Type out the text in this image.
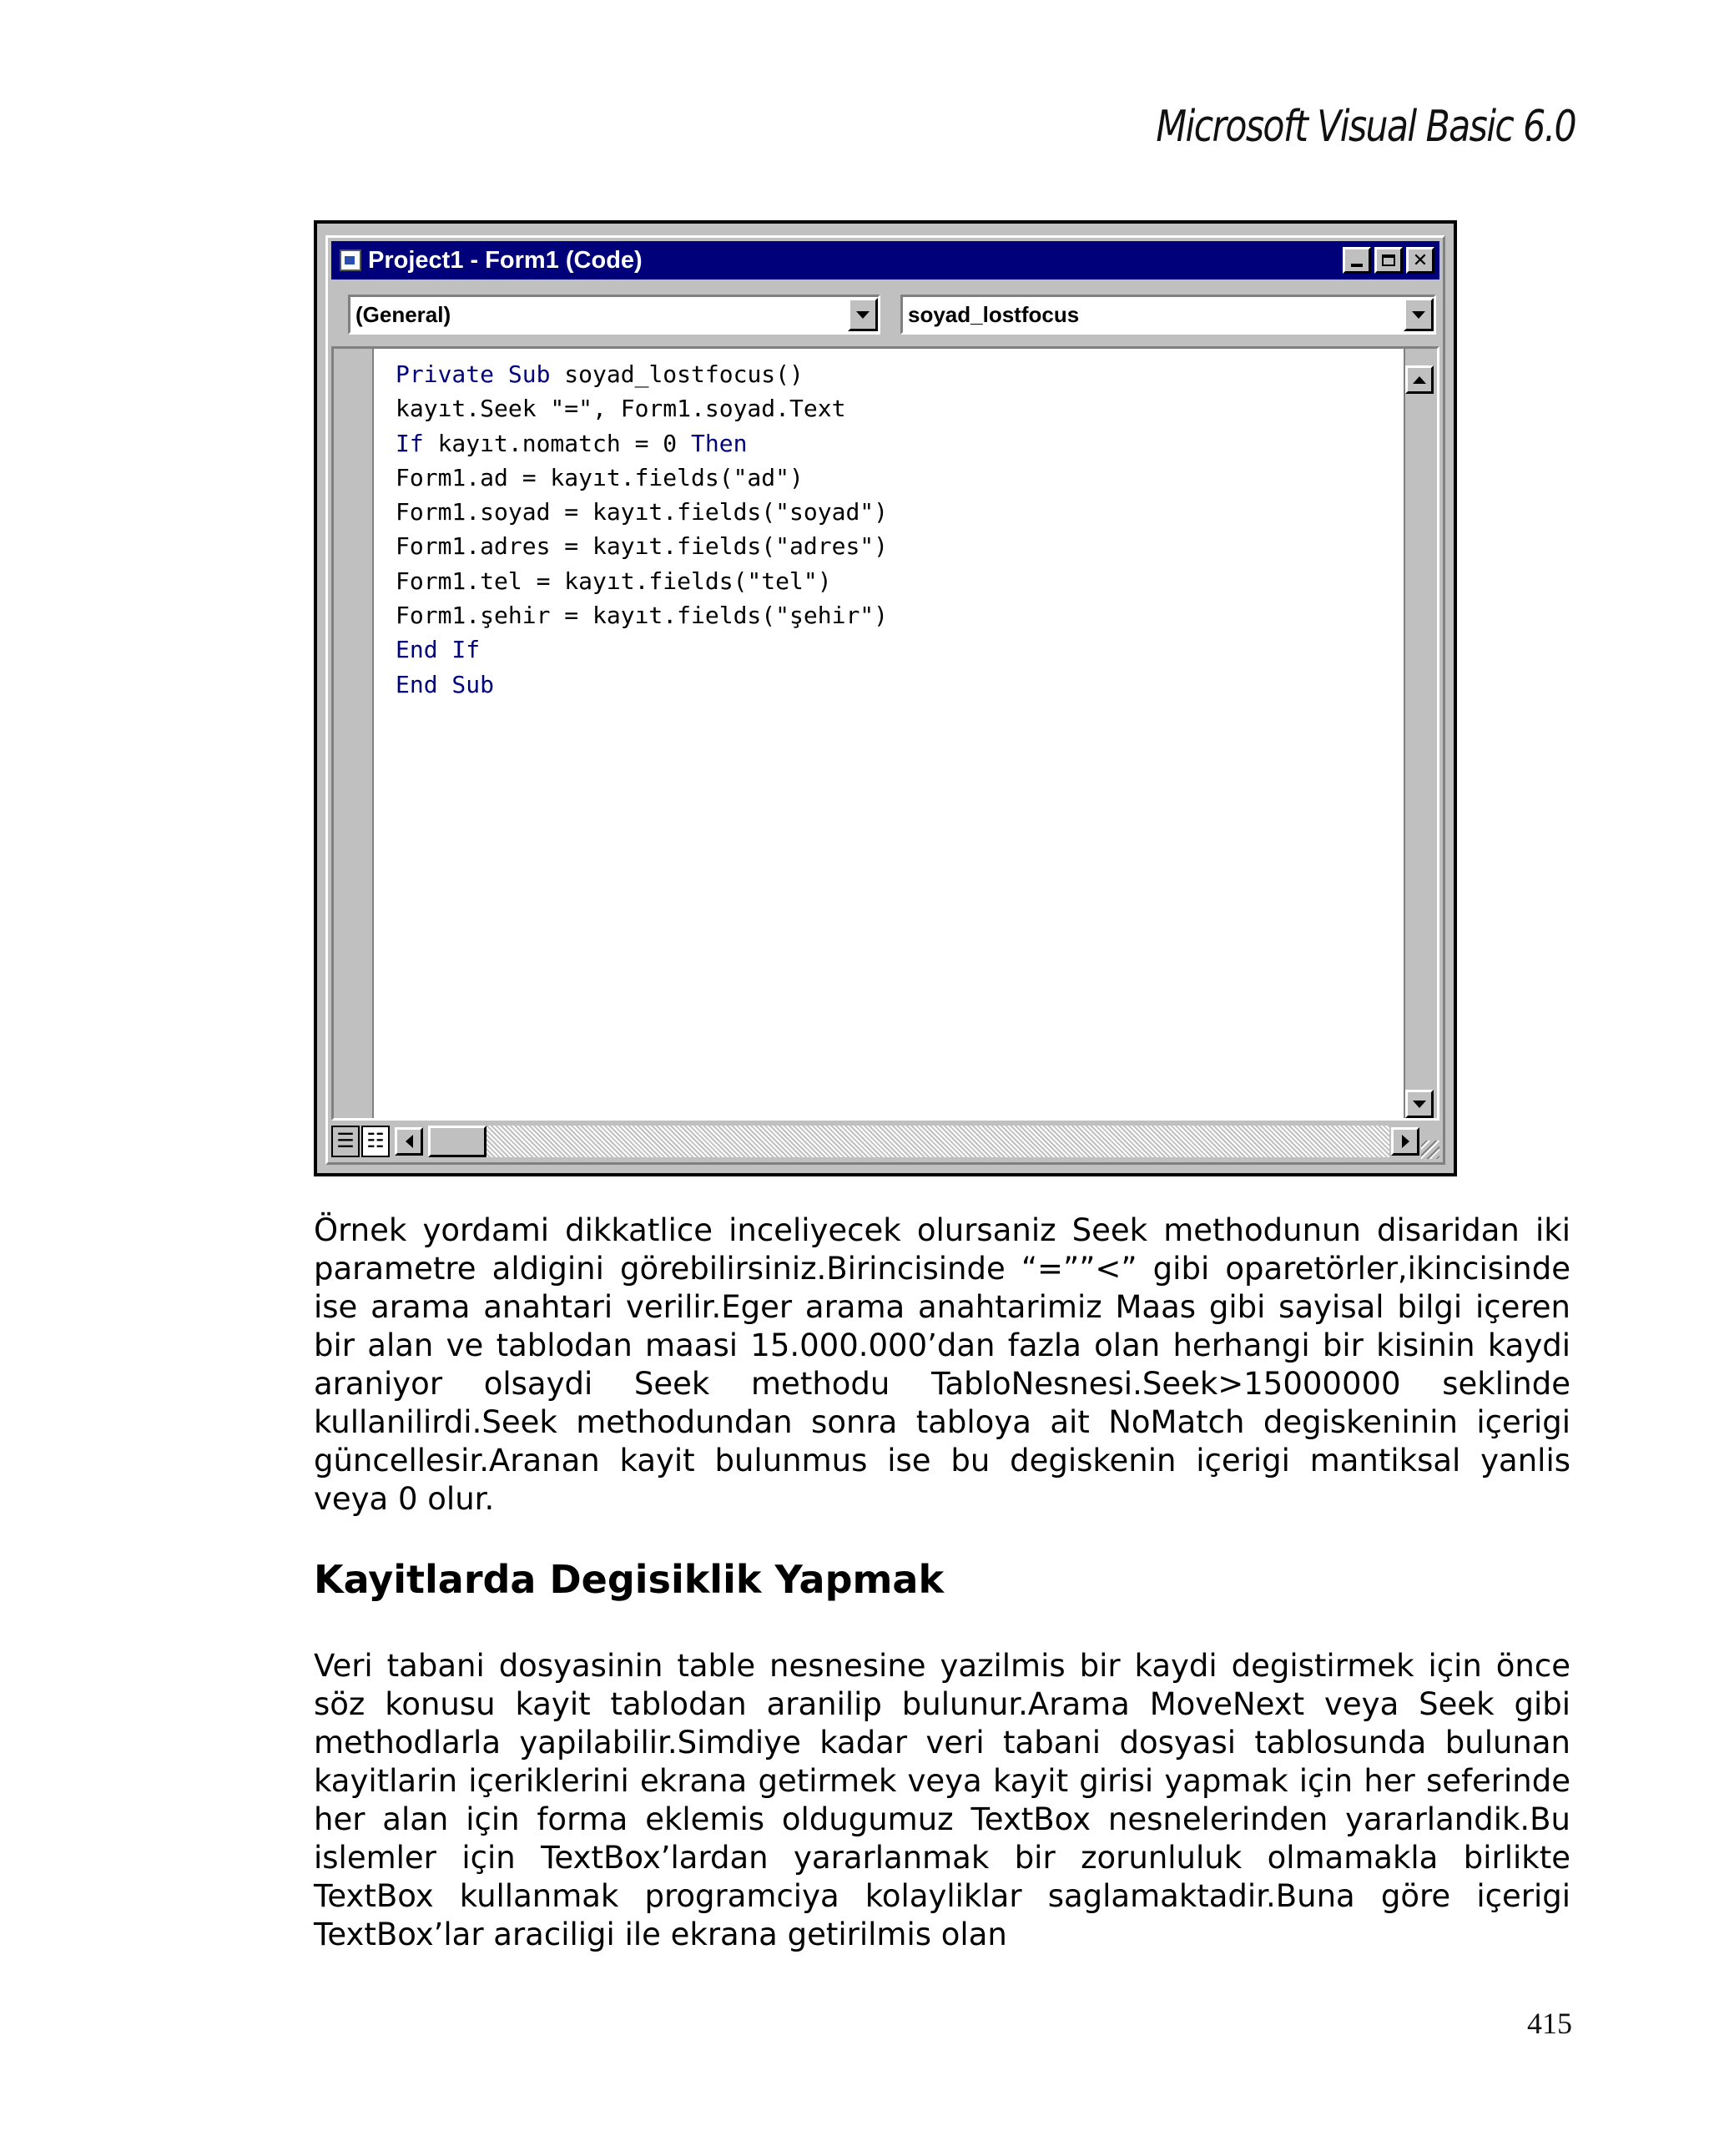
Microsoft Visual Basic 6.0
Project1 - Form1 (Code)	✕
(General)	soyad_lostfocus
Private Sub soyad_lostfocus()
kayıt.Seek "=", Form1.soyad.Text
If kayıt.nomatch = 0 Then
Form1.ad = kayıt.fields("ad")
Form1.soyad = kayıt.fields("soyad")
Form1.adres = kayıt.fields("adres")
Form1.tel = kayıt.fields("tel")
Form1.şehir = kayıt.fields("şehir")
End If
End Sub
☰ ☷

Örnek yordami dikkatlice inceliyecek olursaniz Seek methodunun disaridan iki parametre aldigini görebilirsiniz.Birincisinde “=””<” gibi oparetörler,ikincisinde ise arama anahtari verilir.Eger arama anahtarimiz Maas gibi sayisal bilgi içeren bir alan ve tablodan maasi 15.000.000’dan fazla olan herhangi bir kisinin kaydi araniyor olsaydi Seek methodu TabloNesnesi.Seek>15000000 seklinde kullanilirdi.Seek methodundan sonra tabloya ait NoMatch degiskeninin içerigi güncellesir.Aranan kayit bulunmus ise bu degiskenin içerigi mantiksal yanlis veya 0 olur.

Kayitlarda Degisiklik Yapmak

Veri tabani dosyasinin table nesnesine yazilmis bir kaydi degistirmek için önce söz konusu kayit tablodan aranilip bulunur.Arama MoveNext veya Seek gibi methodlarla yapilabilir.Simdiye kadar veri tabani dosyasi tablosunda bulunan kayitlarin içeriklerini ekrana getirmek veya kayit girisi yapmak için her seferinde her alan için forma eklemis oldugumuz TextBox nesnelerinden yararlandik.Bu islemler için TextBox’lardan yararlanmak bir zorunluluk olmamakla birlikte TextBox kullanmak programciya kolayliklar saglamaktadir.Buna göre içerigi TextBox’lar araciligi ile ekrana getirilmis olan

415
